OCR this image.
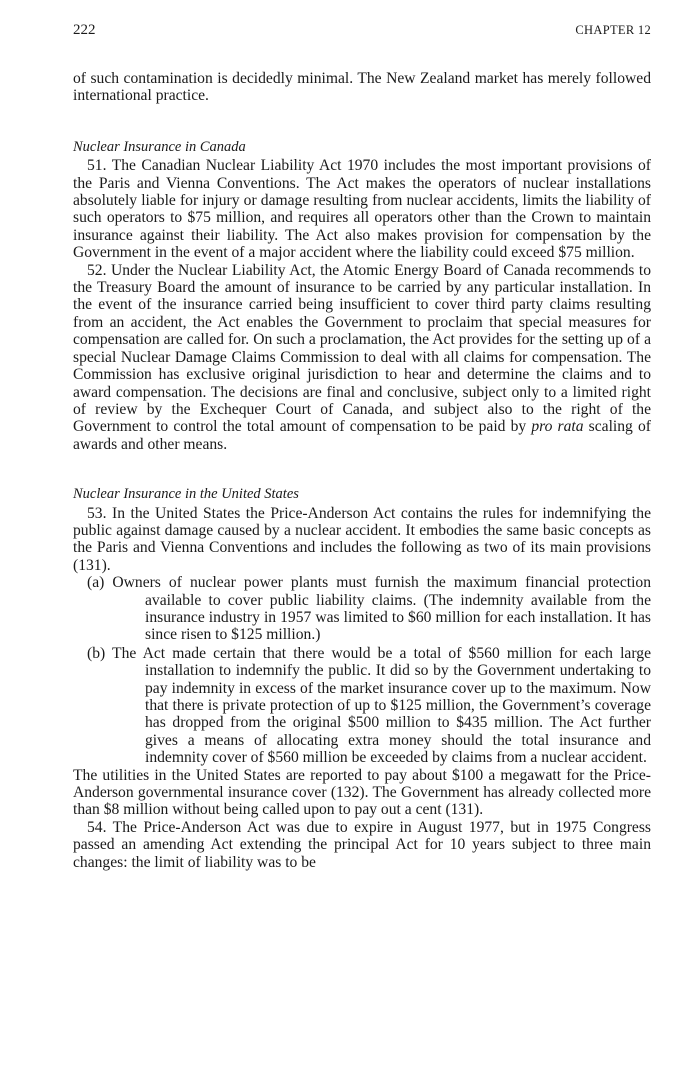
222	CHAPTER 12

of such contamination is decidedly minimal. The New Zealand market has merely followed international practice.

Nuclear Insurance in Canada

51. The Canadian Nuclear Liability Act 1970 includes the most important provisions of the Paris and Vienna Conventions. The Act makes the operators of nuclear installations absolutely liable for injury or damage resulting from nuclear accidents, limits the liability of such operators to $75 million, and requires all operators other than the Crown to maintain insurance against their liability. The Act also makes provision for compensation by the Government in the event of a major accident where the liability could exceed $75 million.

52. Under the Nuclear Liability Act, the Atomic Energy Board of Canada recommends to the Treasury Board the amount of insurance to be carried by any particular installation. In the event of the insurance carried being insufficient to cover third party claims resulting from an accident, the Act enables the Government to proclaim that special measures for compensation are called for. On such a proclamation, the Act provides for the setting up of a special Nuclear Damage Claims Commission to deal with all claims for compensation. The Commission has exclusive original jurisdiction to hear and determine the claims and to award compensation. The decisions are final and conclusive, subject only to a limited right of review by the Exchequer Court of Canada, and subject also to the right of the Government to control the total amount of compensation to be paid by pro rata scaling of awards and other means.

Nuclear Insurance in the United States

53. In the United States the Price-Anderson Act contains the rules for indemnifying the public against damage caused by a nuclear accident. It embodies the same basic concepts as the Paris and Vienna Conventions and includes the following as two of its main provisions (131).

(a) Owners of nuclear power plants must furnish the maximum financial protection available to cover public liability claims. (The indemnity available from the insurance industry in 1957 was limited to $60 million for each installation. It has since risen to $125 million.)

(b) The Act made certain that there would be a total of $560 million for each large installation to indemnify the public. It did so by the Government undertaking to pay indemnity in excess of the market insurance cover up to the maximum. Now that there is private protection of up to $125 million, the Government’s coverage has dropped from the original $500 million to $435 million. The Act further gives a means of allocating extra money should the total insurance and indemnity cover of $560 million be exceeded by claims from a nuclear accident.

The utilities in the United States are reported to pay about $100 a megawatt for the Price-Anderson governmental insurance cover (132). The Government has already collected more than $8 million without being called upon to pay out a cent (131).

54. The Price-Anderson Act was due to expire in August 1977, but in 1975 Congress passed an amending Act extending the principal Act for 10 years subject to three main changes: the limit of liability was to be
